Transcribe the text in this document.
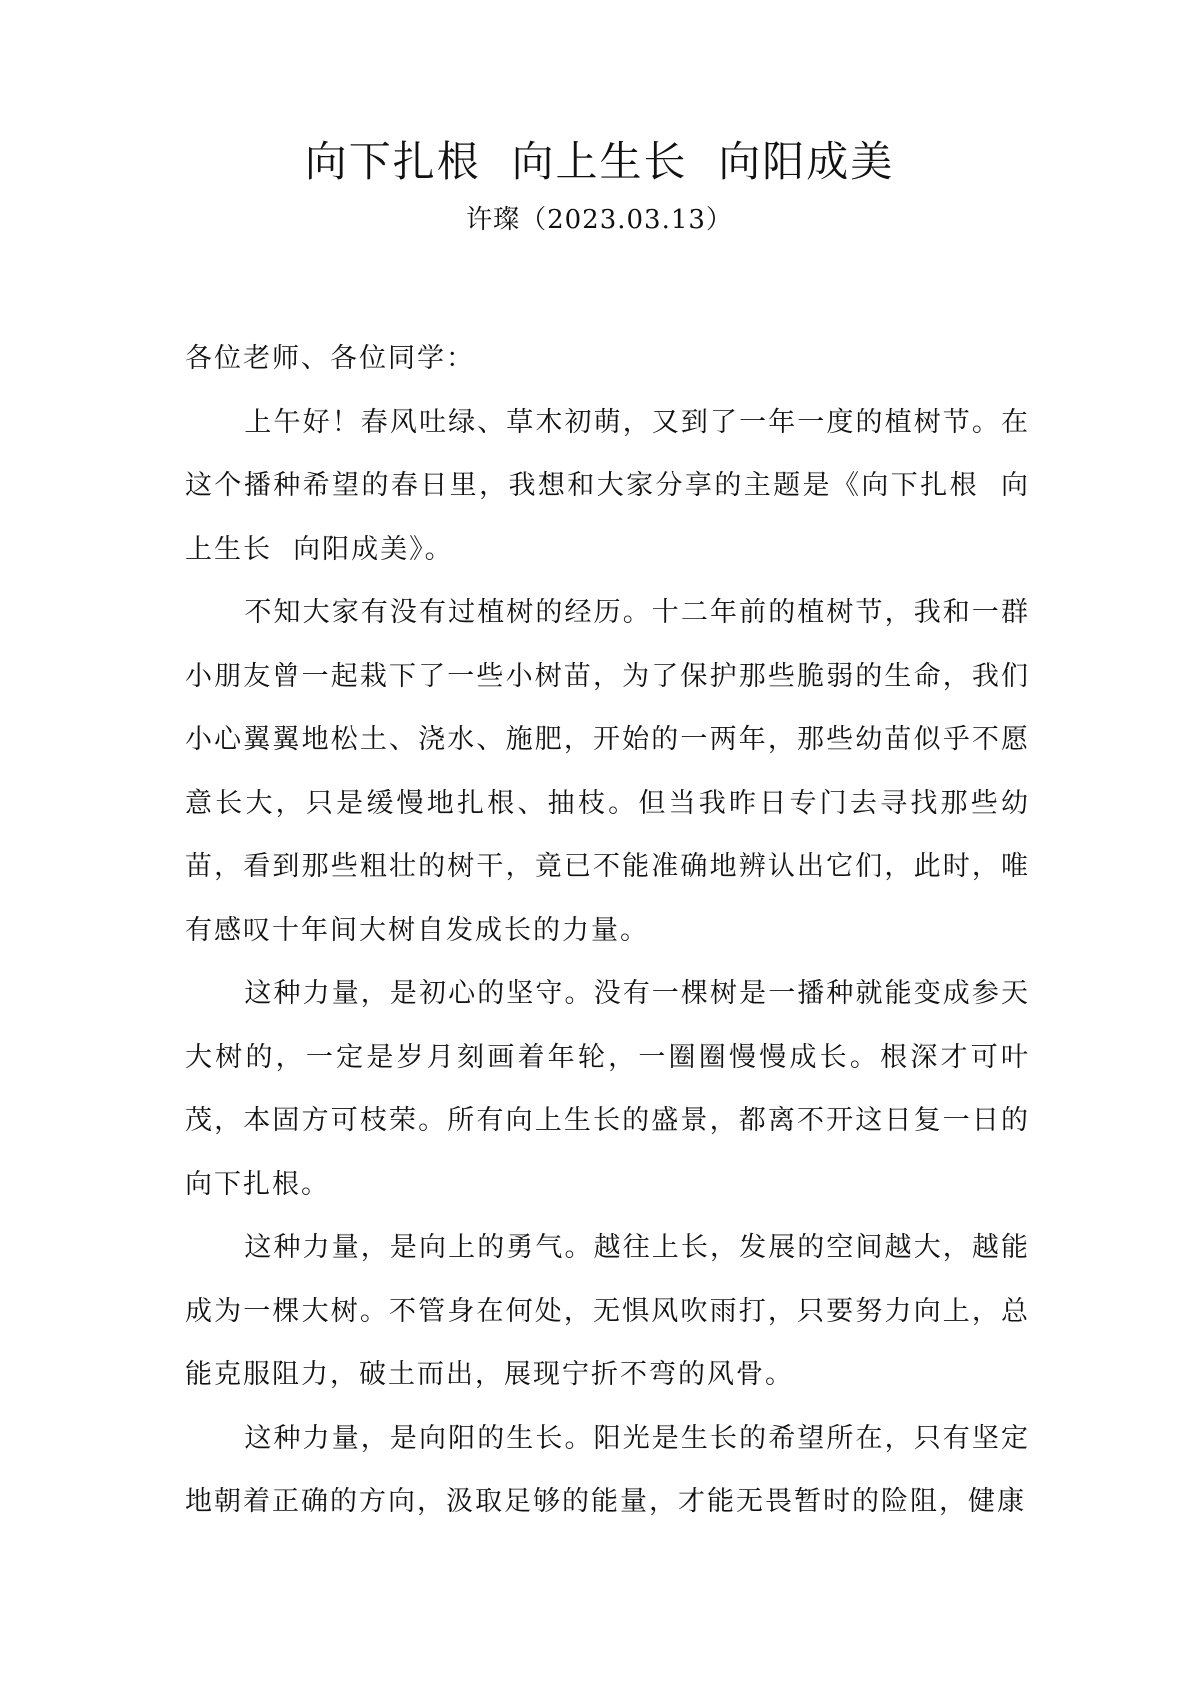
向下扎根  向上生长  向阳成美
许璨（2023.03.13）

各位老师、各位同学：

上午好！春风吐绿、草木初萌，又到了一年一度的植树节。在这个播种希望的春日里，我想和大家分享的主题是《向下扎根  向上生长  向阳成美》。

不知大家有没有过植树的经历。十二年前的植树节，我和一群小朋友曾一起栽下了一些小树苗，为了保护那些脆弱的生命，我们小心翼翼地松土、浇水、施肥，开始的一两年，那些幼苗似乎不愿意长大，只是缓慢地扎根、抽枝。但当我昨日专门去寻找那些幼苗，看到那些粗壮的树干，竟已不能准确地辨认出它们，此时，唯有感叹十年间大树自发成长的力量。

这种力量，是初心的坚守。没有一棵树是一播种就能变成参天大树的，一定是岁月刻画着年轮，一圈圈慢慢成长。根深才可叶茂，本固方可枝荣。所有向上生长的盛景，都离不开这日复一日的向下扎根。

这种力量，是向上的勇气。越往上长，发展的空间越大，越能成为一棵大树。不管身在何处，无惧风吹雨打，只要努力向上，总能克服阻力，破土而出，展现宁折不弯的风骨。

这种力量，是向阳的生长。阳光是生长的希望所在，只有坚定地朝着正确的方向，汲取足够的能量，才能无畏暂时的险阻，健康
